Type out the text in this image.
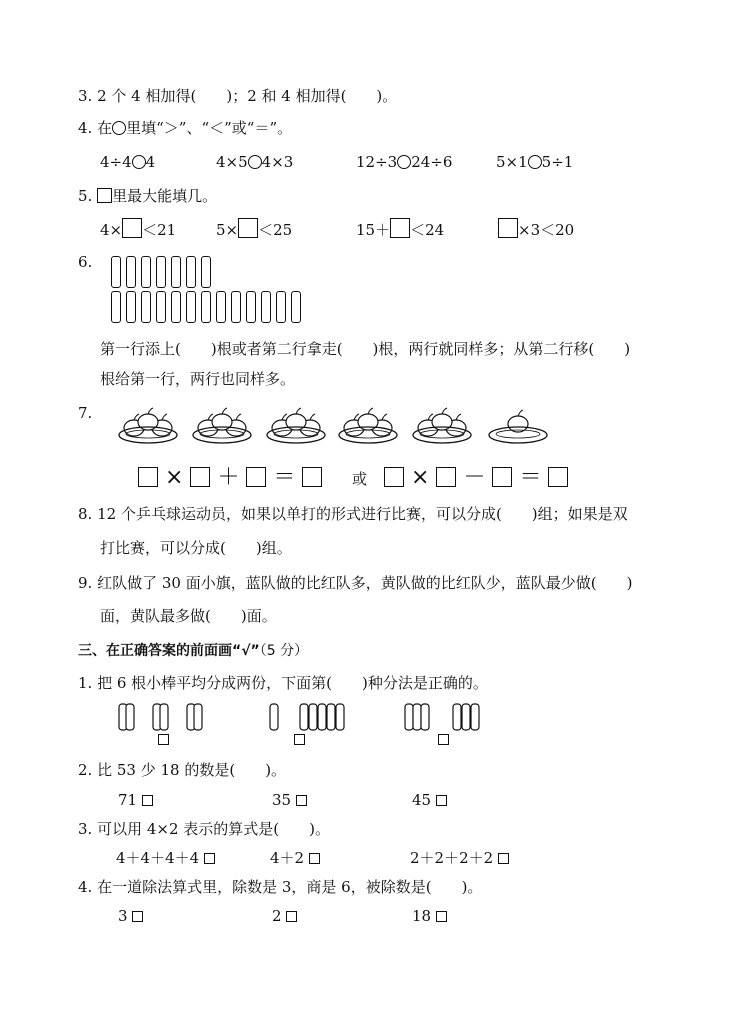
3. 2 个 4 相加得(　　)；2 和 4 相加得(　　)。
4. 在 里填“＞”、“＜”或“＝”。
4÷4 4	4×5 4×3	12÷3 24÷6	5×1 5÷1
5. 里最大能填几。
4× ＜21	5× ＜25	15＋ ＜24	×3＜20
6.
第一行添上(　　)根或者第二行拿走(　　)根，两行就同样多；从第二行移(　　)
根给第一行，两行也同样多。
7.
× ＋ ＝	或	× － ＝
8. 12 个乒乓球运动员，如果以单打的形式进行比赛，可以分成(　　)组；如果是双
打比赛，可以分成(　　)组。
9. 红队做了 30 面小旗，蓝队做的比红队多，黄队做的比红队少，蓝队最少做(　　)
面，黄队最多做(　　)面。
三、在正确答案的前面画“√”（5 分）
1. 把 6 根小棒平均分成两份，下面第(　　)种分法是正确的。
2. 比 53 少 18 的数是(　　)。
71	35	45
3. 可以用 4×2 表示的算式是(　　)。
4＋4＋4＋4	4＋2	2＋2＋2＋2
4. 在一道除法算式里，除数是 3，商是 6，被除数是(　　)。
3	2	18
